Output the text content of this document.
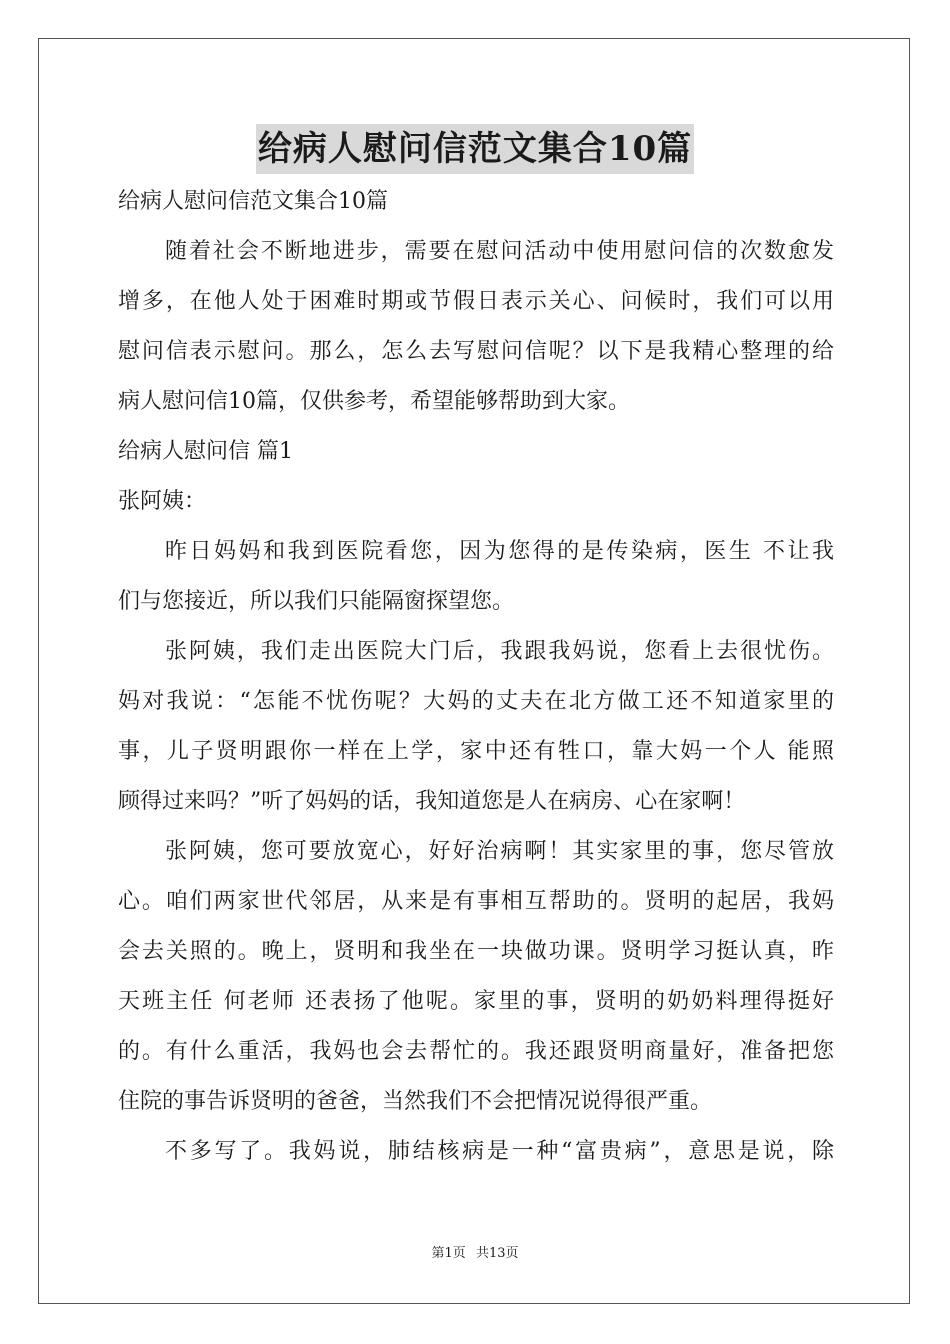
给病人慰问信范文集合10篇
给病人慰问信范文集合10篇
随着社会不断地进步，需要在慰问活动中使用慰问信的次数愈发
增多，在他人处于困难时期或节假日表示关心、问候时，我们可以用
慰问信表示慰问。那么，怎么去写慰问信呢？以下是我精心整理的给
病人慰问信10篇，仅供参考，希望能够帮助到大家。
给病人慰问信 篇1
张阿姨：
昨日妈妈和我到医院看您，因为您得的是传染病，医生 不让我
们与您接近，所以我们只能隔窗探望您。
张阿姨，我们走出医院大门后，我跟我妈说，您看上去很忧伤。
妈对我说：“怎能不忧伤呢？大妈的丈夫在北方做工还不知道家里的
事，儿子贤明跟你一样在上学，家中还有牲口，靠大妈一个人 能照
顾得过来吗？”听了妈妈的话，我知道您是人在病房、心在家啊！
张阿姨，您可要放宽心，好好治病啊！其实家里的事，您尽管放
心。咱们两家世代邻居，从来是有事相互帮助的。贤明的起居，我妈
会去关照的。晚上，贤明和我坐在一块做功课。贤明学习挺认真，昨
天班主任 何老师 还表扬了他呢。家里的事，贤明的奶奶料理得挺好
的。有什么重活，我妈也会去帮忙的。我还跟贤明商量好，准备把您
住院的事告诉贤明的爸爸，当然我们不会把情况说得很严重。
不多写了。我妈说，肺结核病是一种“富贵病”，意思是说，除
第1页 共13页
